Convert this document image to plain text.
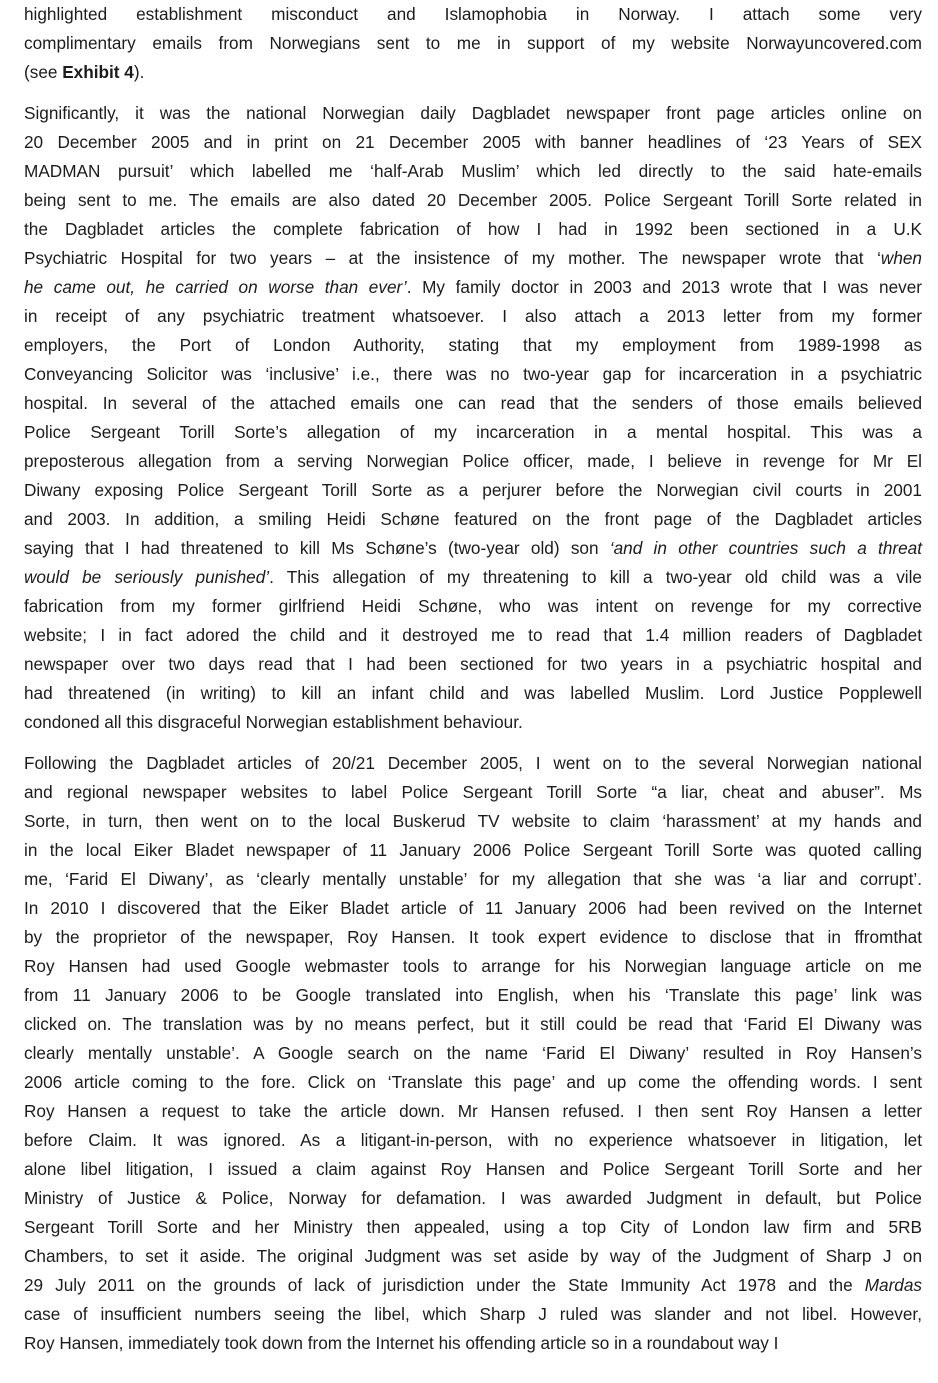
highlighted establishment misconduct and Islamophobia in Norway. I attach some very
complimentary emails from Norwegians sent to me in support of my website Norwayuncovered.com
(see Exhibit 4).
Significantly, it was the national Norwegian daily Dagbladet newspaper front page articles online on
20 December 2005 and in print on 21 December 2005 with banner headlines of ‘23 Years of SEX
MADMAN pursuit’ which labelled me ‘half-Arab Muslim’ which led directly to the said hate-emails
being sent to me. The emails are also dated 20 December 2005. Police Sergeant Torill Sorte related in
the Dagbladet articles the complete fabrication of how I had in 1992 been sectioned in a U.K
Psychiatric Hospital for two years – at the insistence of my mother. The newspaper wrote that ‘when
he came out, he carried on worse than ever’. My family doctor in 2003 and 2013 wrote that I was never
in receipt of any psychiatric treatment whatsoever. I also attach a 2013 letter from my former
employers, the Port of London Authority, stating that my employment from 1989-1998 as
Conveyancing Solicitor was ‘inclusive’ i.e., there was no two-year gap for incarceration in a psychiatric
hospital. In several of the attached emails one can read that the senders of those emails believed
Police Sergeant Torill Sorte’s allegation of my incarceration in a mental hospital. This was a
preposterous allegation from a serving Norwegian Police officer, made, I believe in revenge for Mr El
Diwany exposing Police Sergeant Torill Sorte as a perjurer before the Norwegian civil courts in 2001
and 2003. In addition, a smiling Heidi Schøne featured on the front page of the Dagbladet articles
saying that I had threatened to kill Ms Schøne’s (two-year old) son ‘and in other countries such a threat
would be seriously punished’. This allegation of my threatening to kill a two-year old child was a vile
fabrication from my former girlfriend Heidi Schøne, who was intent on revenge for my corrective
website; I in fact adored the child and it destroyed me to read that 1.4 million readers of Dagbladet
newspaper over two days read that I had been sectioned for two years in a psychiatric hospital and
had threatened (in writing) to kill an infant child and was labelled Muslim. Lord Justice Popplewell
condoned all this disgraceful Norwegian establishment behaviour.
Following the Dagbladet articles of 20/21 December 2005, I went on to the several Norwegian national
and regional newspaper websites to label Police Sergeant Torill Sorte “a liar, cheat and abuser”. Ms
Sorte, in turn, then went on to the local Buskerud TV website to claim ‘harassment’ at my hands and
in the local Eiker Bladet newspaper of 11 January 2006 Police Sergeant Torill Sorte was quoted calling
me, ‘Farid El Diwany’, as ‘clearly mentally unstable’ for my allegation that she was ‘a liar and corrupt’.
In 2010 I discovered that the Eiker Bladet article of 11 January 2006 had been revived on the Internet
by the proprietor of the newspaper, Roy Hansen. It took expert evidence to disclose that in ffromthat
Roy Hansen had used Google webmaster tools to arrange for his Norwegian language article on me
from 11 January 2006 to be Google translated into English, when his ‘Translate this page’ link was
clicked on. The translation was by no means perfect, but it still could be read that ‘Farid El Diwany was
clearly mentally unstable’. A Google search on the name ‘Farid El Diwany’ resulted in Roy Hansen’s
2006 article coming to the fore. Click on ‘Translate this page’ and up come the offending words. I sent
Roy Hansen a request to take the article down. Mr Hansen refused. I then sent Roy Hansen a letter
before Claim. It was ignored. As a litigant-in-person, with no experience whatsoever in litigation, let
alone libel litigation, I issued a claim against Roy Hansen and Police Sergeant Torill Sorte and her
Ministry of Justice & Police, Norway for defamation. I was awarded Judgment in default, but Police
Sergeant Torill Sorte and her Ministry then appealed, using a top City of London law firm and 5RB
Chambers, to set it aside. The original Judgment was set aside by way of the Judgment of Sharp J on
29 July 2011 on the grounds of lack of jurisdiction under the State Immunity Act 1978 and the Mardas
case of insufficient numbers seeing the libel, which Sharp J ruled was slander and not libel. However,
Roy Hansen, immediately took down from the Internet his offending article so in a roundabout way I
